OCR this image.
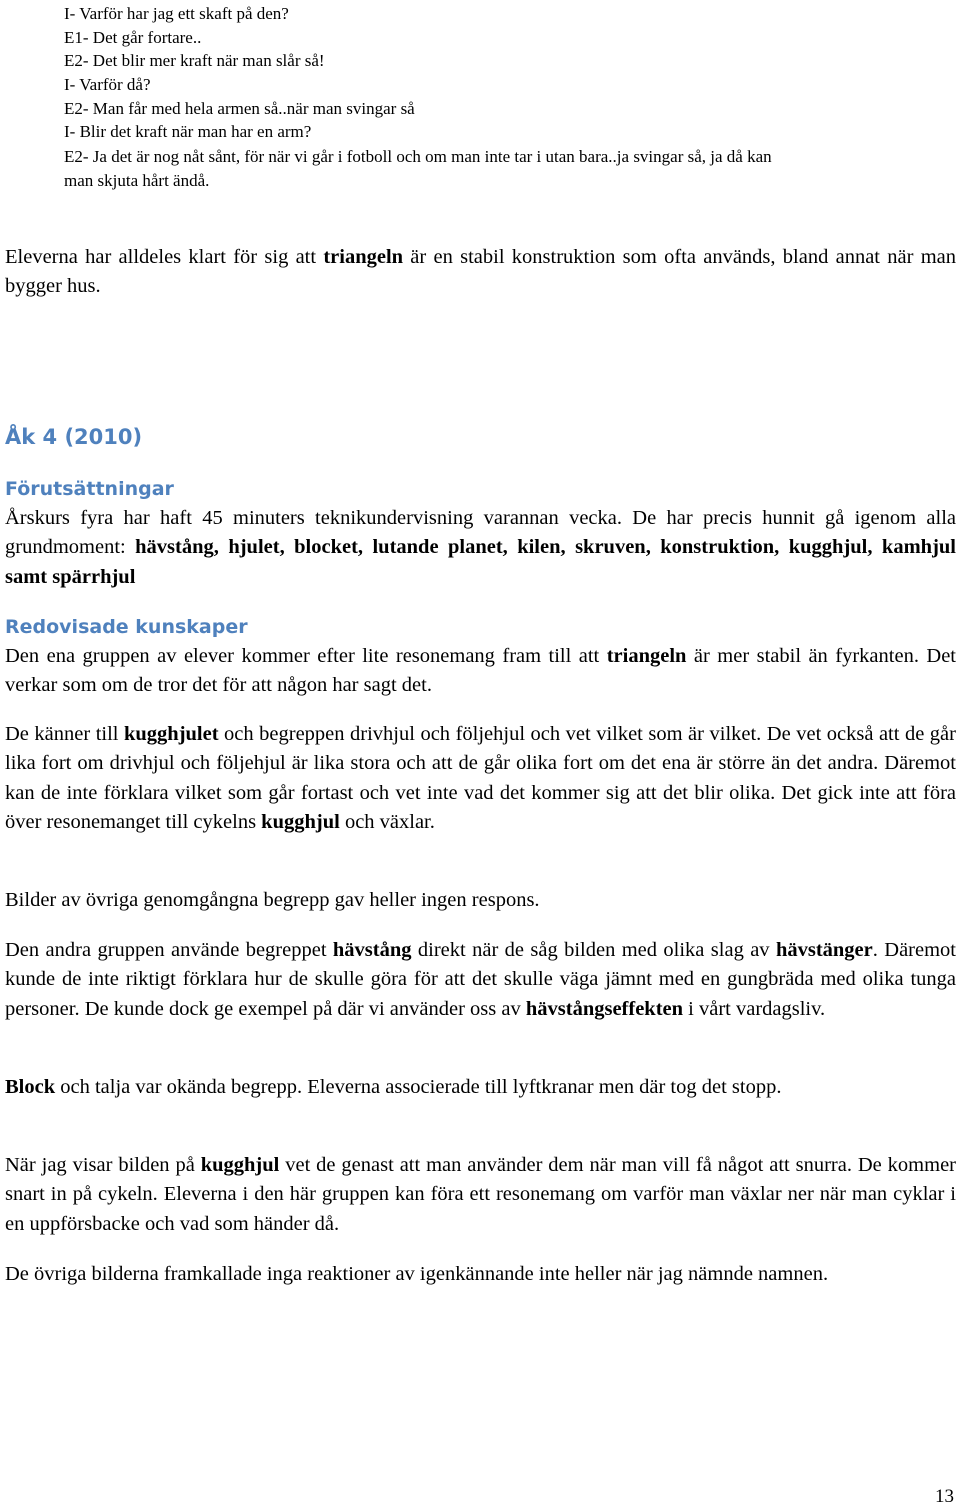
I- Varför har jag ett skaft på den?
E1- Det går fortare..
E2- Det blir mer kraft när man slår så!
I- Varför då?
E2- Man får med hela armen så..när man svingar så
I- Blir det kraft när man har en arm?
E2- Ja det är nog nåt sånt, för när vi går i fotboll och om man inte tar i utan bara..ja svingar så, ja då kan
man skjuta hårt ändå.
Eleverna har alldeles klart för sig att triangeln är en stabil konstruktion som ofta används, bland annat när man bygger hus.
Åk 4 (2010)
Förutsättningar
Årskurs fyra har haft 45 minuters teknikundervisning varannan vecka. De har precis hunnit gå igenom alla grundmoment: hävstång, hjulet, blocket, lutande planet, kilen, skruven, konstruktion, kugghjul, kamhjul samt spärrhjul
Redovisade kunskaper
Den ena gruppen av elever kommer efter lite resonemang fram till att triangeln är mer stabil än fyrkanten. Det verkar som om de tror det för att någon har sagt det.
De känner till kugghjulet och begreppen drivhjul och följehjul och vet vilket som är vilket. De vet också att de går lika fort om drivhjul och följehjul är lika stora och att de går olika fort om det ena är större än det andra. Däremot kan de inte förklara vilket som går fortast och vet inte vad det kommer sig att det blir olika. Det gick inte att föra över resonemanget till cykelns kugghjul och växlar.
Bilder av övriga genomgångna begrepp gav heller ingen respons.
Den andra gruppen använde begreppet hävstång direkt när de såg bilden med olika slag av hävstänger. Däremot kunde de inte riktigt förklara hur de skulle göra för att det skulle väga jämnt med en gungbräda med olika tunga personer. De kunde dock ge exempel på där vi använder oss av hävstångseffekten i vårt vardagsliv.
Block och talja var okända begrepp. Eleverna associerade till lyftkranar men där tog det stopp.
När jag visar bilden på kugghjul vet de genast att man använder dem när man vill få något att snurra. De kommer snart in på cykeln. Eleverna i den här gruppen kan föra ett resonemang om varför man växlar ner när man cyklar i en uppförsbacke och vad som händer då.
De övriga bilderna framkallade inga reaktioner av igenkännande inte heller när jag nämnde namnen.
13
